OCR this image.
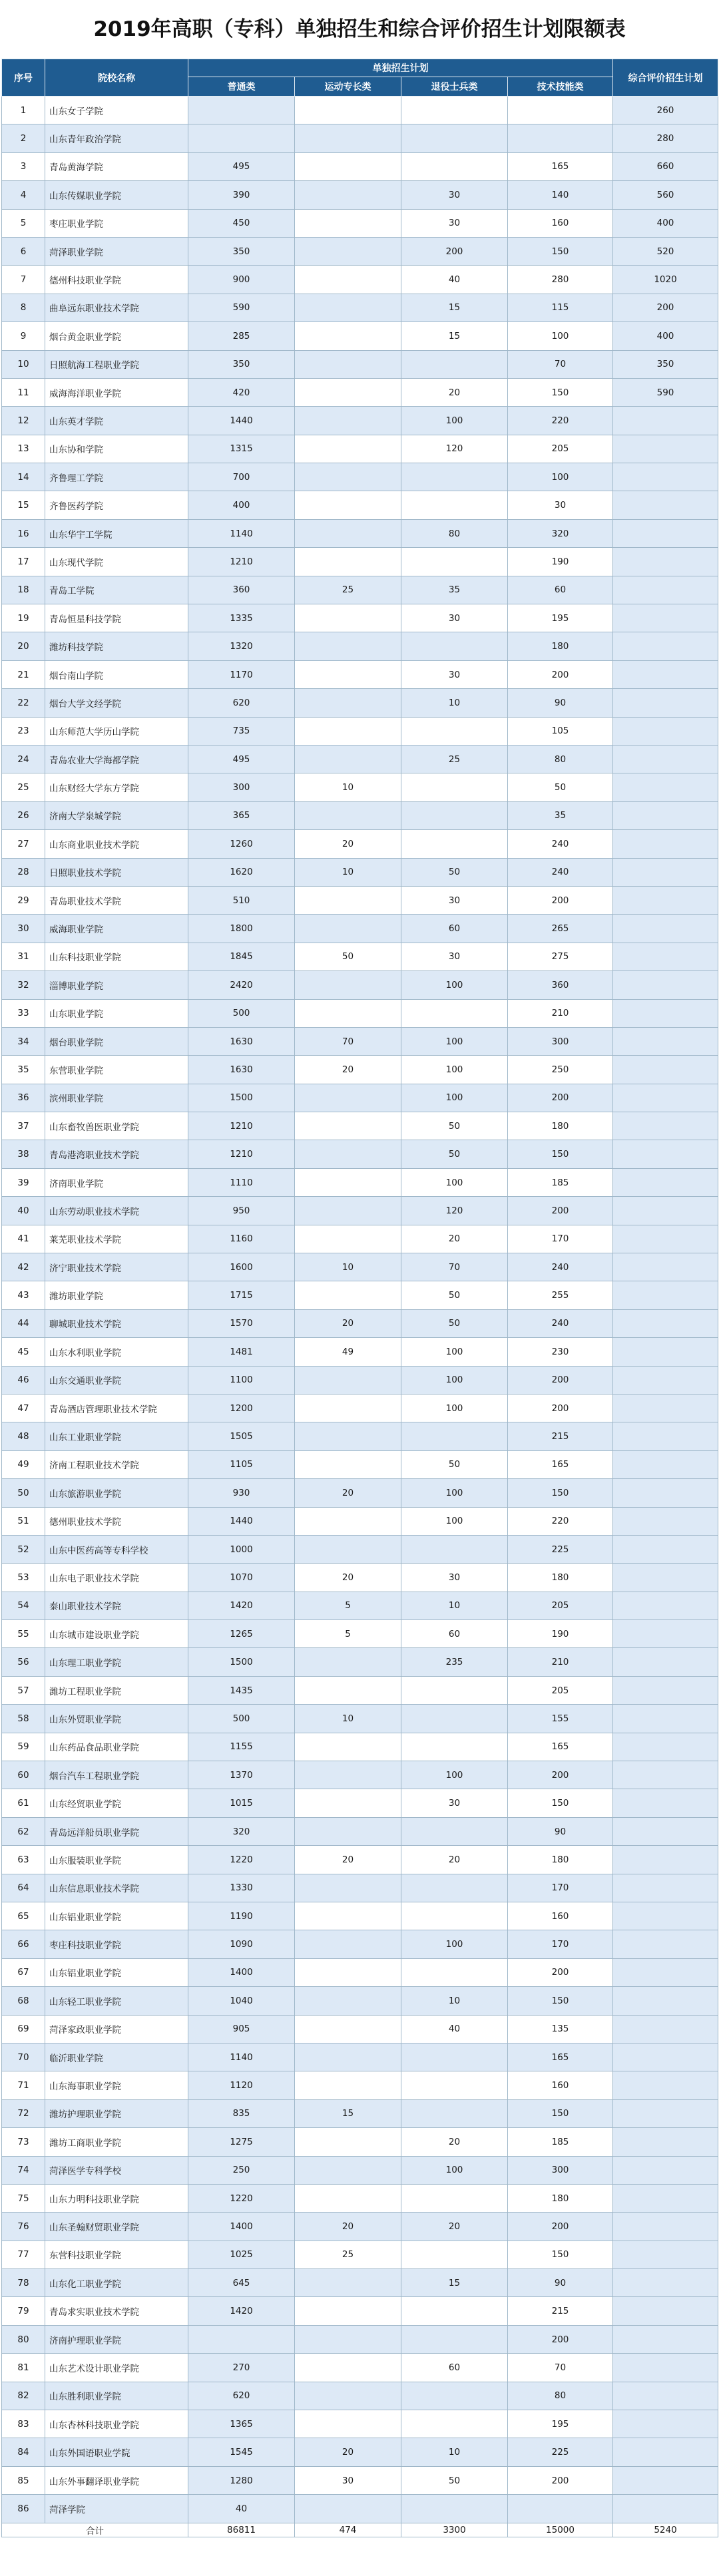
2019年高职（专科）单独招生和综合评价招生计划限额表
序号	院校名称	单独招生计划				综合评价招生计划
		普通类	运动专长类	退役士兵类	技术技能类	
1	山东女子学院					260
2	山东青年政治学院					280
3	青岛黄海学院	495			165	660
4	山东传媒职业学院	390		30	140	560
5	枣庄职业学院	450		30	160	400
6	菏泽职业学院	350		200	150	520
7	德州科技职业学院	900		40	280	1020
8	曲阜远东职业技术学院	590		15	115	200
9	烟台黄金职业学院	285		15	100	400
10	日照航海工程职业学院	350			70	350
11	威海海洋职业学院	420		20	150	590
12	山东英才学院	1440		100	220	
13	山东协和学院	1315		120	205	
14	齐鲁理工学院	700			100	
15	齐鲁医药学院	400			30	
16	山东华宇工学院	1140		80	320	
17	山东现代学院	1210			190	
18	青岛工学院	360	25	35	60	
19	青岛恒星科技学院	1335		30	195	
20	潍坊科技学院	1320			180	
21	烟台南山学院	1170		30	200	
22	烟台大学文经学院	620		10	90	
23	山东师范大学历山学院	735			105	
24	青岛农业大学海都学院	495		25	80	
25	山东财经大学东方学院	300	10		50	
26	济南大学泉城学院	365			35	
27	山东商业职业技术学院	1260	20		240	
28	日照职业技术学院	1620	10	50	240	
29	青岛职业技术学院	510		30	200	
30	威海职业学院	1800		60	265	
31	山东科技职业学院	1845	50	30	275	
32	淄博职业学院	2420		100	360	
33	山东职业学院	500			210	
34	烟台职业学院	1630	70	100	300	
35	东营职业学院	1630	20	100	250	
36	滨州职业学院	1500		100	200	
37	山东畜牧兽医职业学院	1210		50	180	
38	青岛港湾职业技术学院	1210		50	150	
39	济南职业学院	1110		100	185	
40	山东劳动职业技术学院	950		120	200	
41	莱芜职业技术学院	1160		20	170	
42	济宁职业技术学院	1600	10	70	240	
43	潍坊职业学院	1715		50	255	
44	聊城职业技术学院	1570	20	50	240	
45	山东水利职业学院	1481	49	100	230	
46	山东交通职业学院	1100		100	200	
47	青岛酒店管理职业技术学院	1200		100	200	
48	山东工业职业学院	1505			215	
49	济南工程职业技术学院	1105		50	165	
50	山东旅游职业学院	930	20	100	150	
51	德州职业技术学院	1440		100	220	
52	山东中医药高等专科学校	1000			225	
53	山东电子职业技术学院	1070	20	30	180	
54	泰山职业技术学院	1420	5	10	205	
55	山东城市建设职业学院	1265	5	60	190	
56	山东理工职业学院	1500		235	210	
57	潍坊工程职业学院	1435			205	
58	山东外贸职业学院	500	10		155	
59	山东药品食品职业学院	1155			165	
60	烟台汽车工程职业学院	1370		100	200	
61	山东经贸职业学院	1015		30	150	
62	青岛远洋船员职业学院	320			90	
63	山东服装职业学院	1220	20	20	180	
64	山东信息职业技术学院	1330			170	
65	山东铝业职业学院	1190			160	
66	枣庄科技职业学院	1090		100	170	
67	山东铝业职业学院	1400			200	
68	山东轻工职业学院	1040		10	150	
69	菏泽家政职业学院	905		40	135	
70	临沂职业学院	1140			165	
71	山东海事职业学院	1120			160	
72	潍坊护理职业学院	835	15		150	
73	潍坊工商职业学院	1275		20	185	
74	菏泽医学专科学校	250		100	300	
75	山东力明科技职业学院	1220			180	
76	山东圣翰财贸职业学院	1400	20	20	200	
77	东营科技职业学院	1025	25		150	
78	山东化工职业学院	645		15	90	
79	青岛求实职业技术学院	1420			215	
80	济南护理职业学院				200	
81	山东艺术设计职业学院	270		60	70	
82	山东胜利职业学院	620			80	
83	山东杏林科技职业学院	1365			195	
84	山东外国语职业学院	1545	20	10	225	
85	山东外事翻译职业学院	1280	30	50	200	
86	菏泽学院	40				
合计		86811	474	3300	15000	5240
